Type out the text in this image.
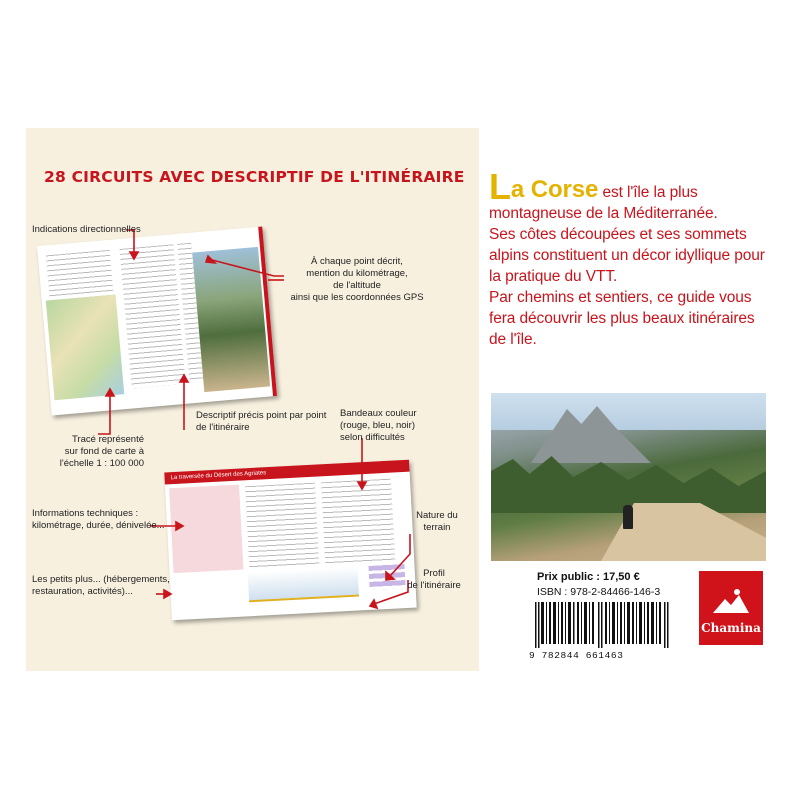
28 CIRCUITS AVEC DESCRIPTIF DE L'ITINÉRAIRE
La traversée du Désert des Agriates
Indications directionnelles
À chaque point décrit,
mention du kilométrage,
de l'altitude
ainsi que les coordonnées GPS
Descriptif précis point par point
de l'itinéraire
Bandeaux couleur
(rouge, bleu, noir)
selon difficultés
Tracé représenté
sur fond de carte à
l'échelle 1 : 100 000
Informations techniques :
kilométrage, durée, dénivelée...
Nature du
terrain
Les petits plus... (hébergements,
restauration, activités)...
Profil
de l'itinéraire

La Corse est l'île la plus montagneuse de la Méditerranée.

Ses côtes découpées et ses sommets alpins constituent un décor idyllique pour la pratique du VTT.

Par chemins et sentiers, ce guide vous fera découvrir les plus beaux itinéraires de l'île.

Prix public : 17,50 €
ISBN : 978-2-84466-146-3
9 782844 661463
Chamina
